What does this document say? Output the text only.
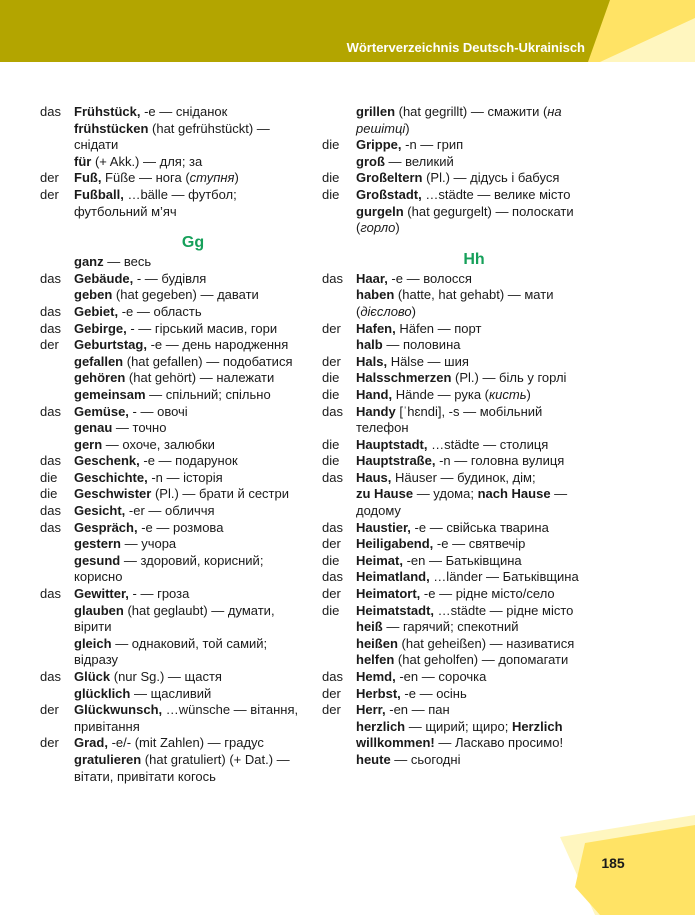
Wörterverzeichnis Deutsch-Ukrainisch
das	Frühstück, -e — сніданок
frühstücken (hat gefrühstückt) — снідати
für (+ Akk.) — для; за
der	Fuß, Füße — нога (ступня)
der	Fußball, …bälle — футбол; футбольний м’яч
Gg
ganz — весь
das	Gebäude, - — будівля
geben (hat gegeben) — давати
das	Gebiet, -e — область
das	Gebirge, - — гірський масив, гори
der	Geburtstag, -e — день народження
gefallen (hat gefallen) — подобатися
gehören (hat gehört) — належати
gemeinsam — спільний; спільно
das	Gemüse, - — овочі
genau — точно
gern — охоче, залюбки
das	Geschenk, -e — подарунок
die	Geschichte, -n — історія
die	Geschwister (Pl.) — брати й сестри
das	Gesicht, -er — обличчя
das	Gespräch, -e — розмова
gestern — учора
gesund — здоровий, корисний; корисно
das	Gewitter, - — гроза
glauben (hat geglaubt) — думати, вірити
gleich — однаковий, той самий; відразу
das	Glück (nur Sg.) — щастя
glücklich — щасливий
der	Glückwunsch, …wünsche — вітання, привітання
der	Grad, -e/- (mit Zahlen) — градус
gratulieren (hat gratuliert) (+ Dat.) — вітати, привітати когось
grillen (hat gegrillt) — смажити (на решітці)
die	Grippe, -n — грип
groß — великий
die	Großeltern (Pl.) — дідусь і бабуся
die	Großstadt, …städte — велике місто
gurgeln (hat gegurgelt) — полоскати (горло)
Hh
das	Haar, -e — волосся
haben (hatte, hat gehabt) — мати (дієслово)
der	Hafen, Häfen — порт
halb — половина
der	Hals, Hälse — шия
die	Halsschmerzen (Pl.) — біль у горлі
die	Hand, Hände — рука (кисть)
das	Handy [ˈhɛndi], -s — мобільний телефон
die	Hauptstadt, …städte — столиця
die	Hauptstraße, -n — головна вулиця
das	Haus, Häuser — будинок, дім;
zu Hause — удома; nach Hause — додому
das	Haustier, -e — свійська тварина
der	Heiligabend, -e — святвечір
die	Heimat, -en — Батьківщина
das	Heimatland, …länder — Батьківщина
der	Heimatort, -e — рідне місто/село
die	Heimatstadt, …städte — рідне місто
heiß — гарячий; спекотний
heißen (hat geheißen) — називатися
helfen (hat geholfen) — допомагати
das	Hemd, -en — сорочка
der	Herbst, -e — осінь
der	Herr, -en — пан
herzlich — щирий; щиро; Herzlich willkommen! — Ласкаво просимо!
heute — сьогодні
185
